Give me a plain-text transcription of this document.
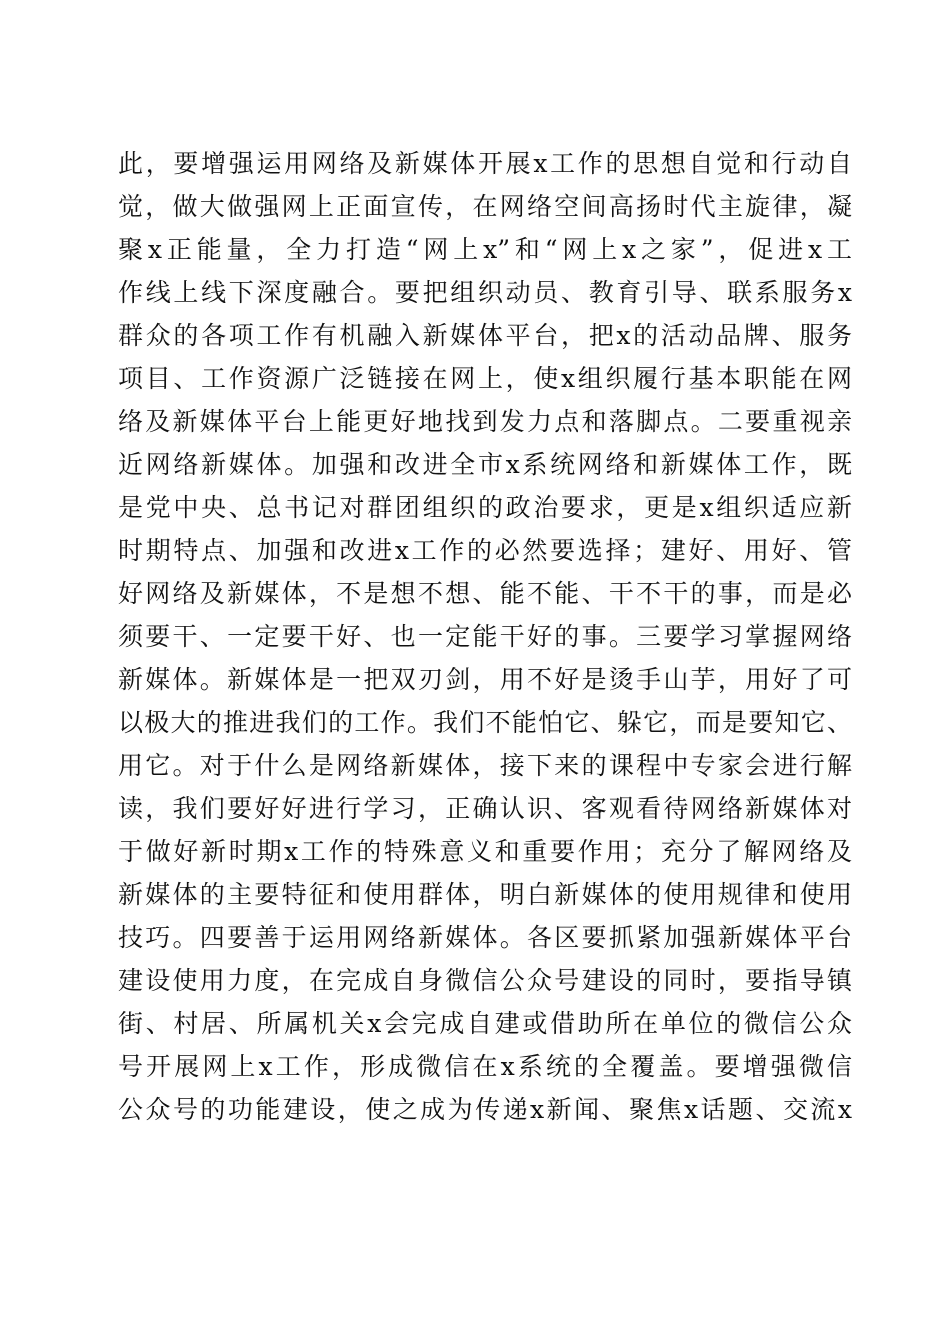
此，要增强运用网络及新媒体开展x工作的思想自觉和行动自
觉，做大做强网上正面宣传，在网络空间高扬时代主旋律，凝
聚x正能量，全力打造“网上x”和“网上x之家”，促进x工
作线上线下深度融合。要把组织动员、教育引导、联系服务x
群众的各项工作有机融入新媒体平台，把x的活动品牌、服务
项目、工作资源广泛链接在网上，使x组织履行基本职能在网
络及新媒体平台上能更好地找到发力点和落脚点。二要重视亲
近网络新媒体。加强和改进全市x系统网络和新媒体工作，既
是党中央、总书记对群团组织的政治要求，更是x组织适应新
时期特点、加强和改进x工作的必然要选择；建好、用好、管
好网络及新媒体，不是想不想、能不能、干不干的事，而是必
须要干、一定要干好、也一定能干好的事。三要学习掌握网络
新媒体。新媒体是一把双刃剑，用不好是烫手山芋，用好了可
以极大的推进我们的工作。我们不能怕它、躲它，而是要知它、
用它。对于什么是网络新媒体，接下来的课程中专家会进行解
读，我们要好好进行学习，正确认识、客观看待网络新媒体对
于做好新时期x工作的特殊意义和重要作用；充分了解网络及
新媒体的主要特征和使用群体，明白新媒体的使用规律和使用
技巧。四要善于运用网络新媒体。各区要抓紧加强新媒体平台
建设使用力度，在完成自身微信公众号建设的同时，要指导镇
街、村居、所属机关x会完成自建或借助所在单位的微信公众
号开展网上x工作，形成微信在x系统的全覆盖。要增强微信
公众号的功能建设，使之成为传递x新闻、聚焦x话题、交流x
